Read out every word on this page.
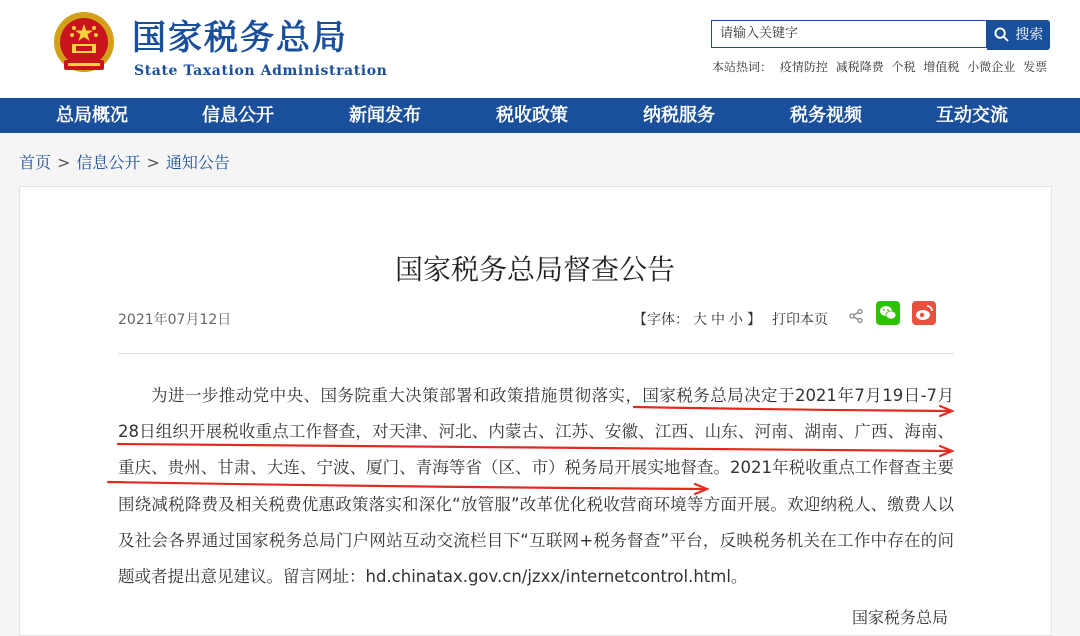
国家税务总局
State Taxation Administration
请输入关键字	搜索
本站热词： 疫情防控 减税降费 个税 增值税 小微企业 发票
总局概况	信息公开	新闻发布	税收政策	纳税服务	税务视频	互动交流
首页 > 信息公开 > 通知公告
国家税务总局督查公告
2021年07月12日	【字体： 大 中 小 】 打印本页

为进一步推动党中央、国务院重大决策部署和政策措施贯彻落实，国家税务总局决定于2021年7月19日-7月28日组织开展税收重点工作督查，对天津、河北、内蒙古、江苏、安徽、江西、山东、河南、湖南、广西、海南、重庆、贵州、甘肃、大连、宁波、厦门、青海等省（区、市）税务局开展实地督查。2021年税收重点工作督查主要围绕减税降费及相关税费优惠政策落实和深化“放管服”改革优化税收营商环境等方面开展。欢迎纳税人、缴费人以及社会各界通过国家税务总局门户网站互动交流栏目下“互联网+税务督查”平台，反映税务机关在工作中存在的问题或者提出意见建议。留言网址：hd.chinatax.gov.cn/jzxx/internetcontrol.html。

国家税务总局
